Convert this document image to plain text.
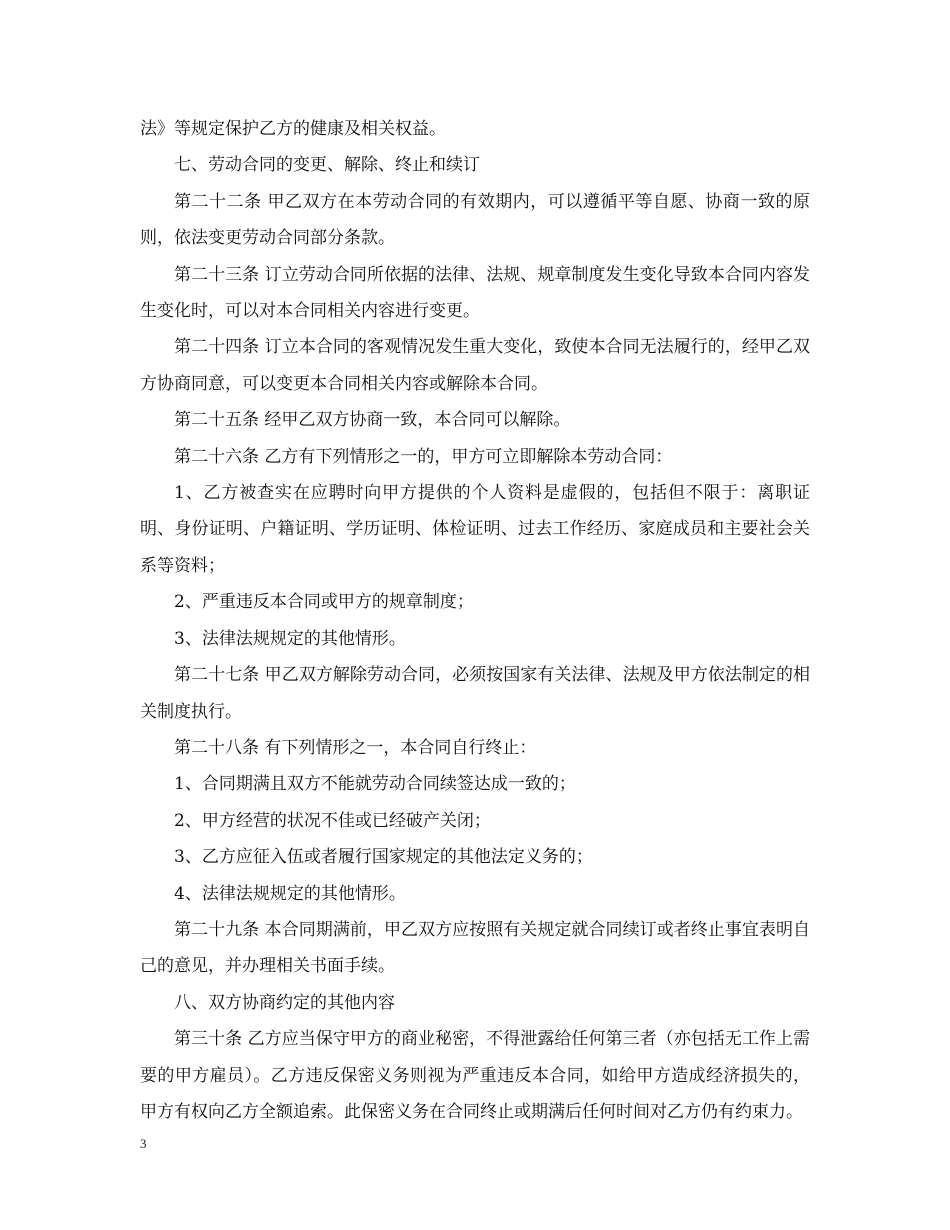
法》等规定保护乙方的健康及相关权益。

七、劳动合同的变更、解除、终止和续订

第二十二条 甲乙双方在本劳动合同的有效期内，可以遵循平等自愿、协商一致的原则，依法变更劳动合同部分条款。

第二十三条 订立劳动合同所依据的法律、法规、规章制度发生变化导致本合同内容发生变化时，可以对本合同相关内容进行变更。

第二十四条 订立本合同的客观情况发生重大变化，致使本合同无法履行的，经甲乙双方协商同意，可以变更本合同相关内容或解除本合同。

第二十五条 经甲乙双方协商一致，本合同可以解除。

第二十六条 乙方有下列情形之一的，甲方可立即解除本劳动合同：

1、乙方被查实在应聘时向甲方提供的个人资料是虚假的，包括但不限于：离职证明、身份证明、户籍证明、学历证明、体检证明、过去工作经历、家庭成员和主要社会关系等资料；

2、严重违反本合同或甲方的规章制度；

3、法律法规规定的其他情形。

第二十七条 甲乙双方解除劳动合同，必须按国家有关法律、法规及甲方依法制定的相关制度执行。

第二十八条 有下列情形之一，本合同自行终止：

1、合同期满且双方不能就劳动合同续签达成一致的；

2、甲方经营的状况不佳或已经破产关闭；

3、乙方应征入伍或者履行国家规定的其他法定义务的；

4、法律法规规定的其他情形。

第二十九条 本合同期满前，甲乙双方应按照有关规定就合同续订或者终止事宜表明自己的意见，并办理相关书面手续。

八、双方协商约定的其他内容

第三十条 乙方应当保守甲方的商业秘密，不得泄露给任何第三者（亦包括无工作上需要的甲方雇员）。乙方违反保密义务则视为严重违反本合同，如给甲方造成经济损失的，甲方有权向乙方全额追索。此保密义务在合同终止或期满后任何时间对乙方仍有约束力。

3
